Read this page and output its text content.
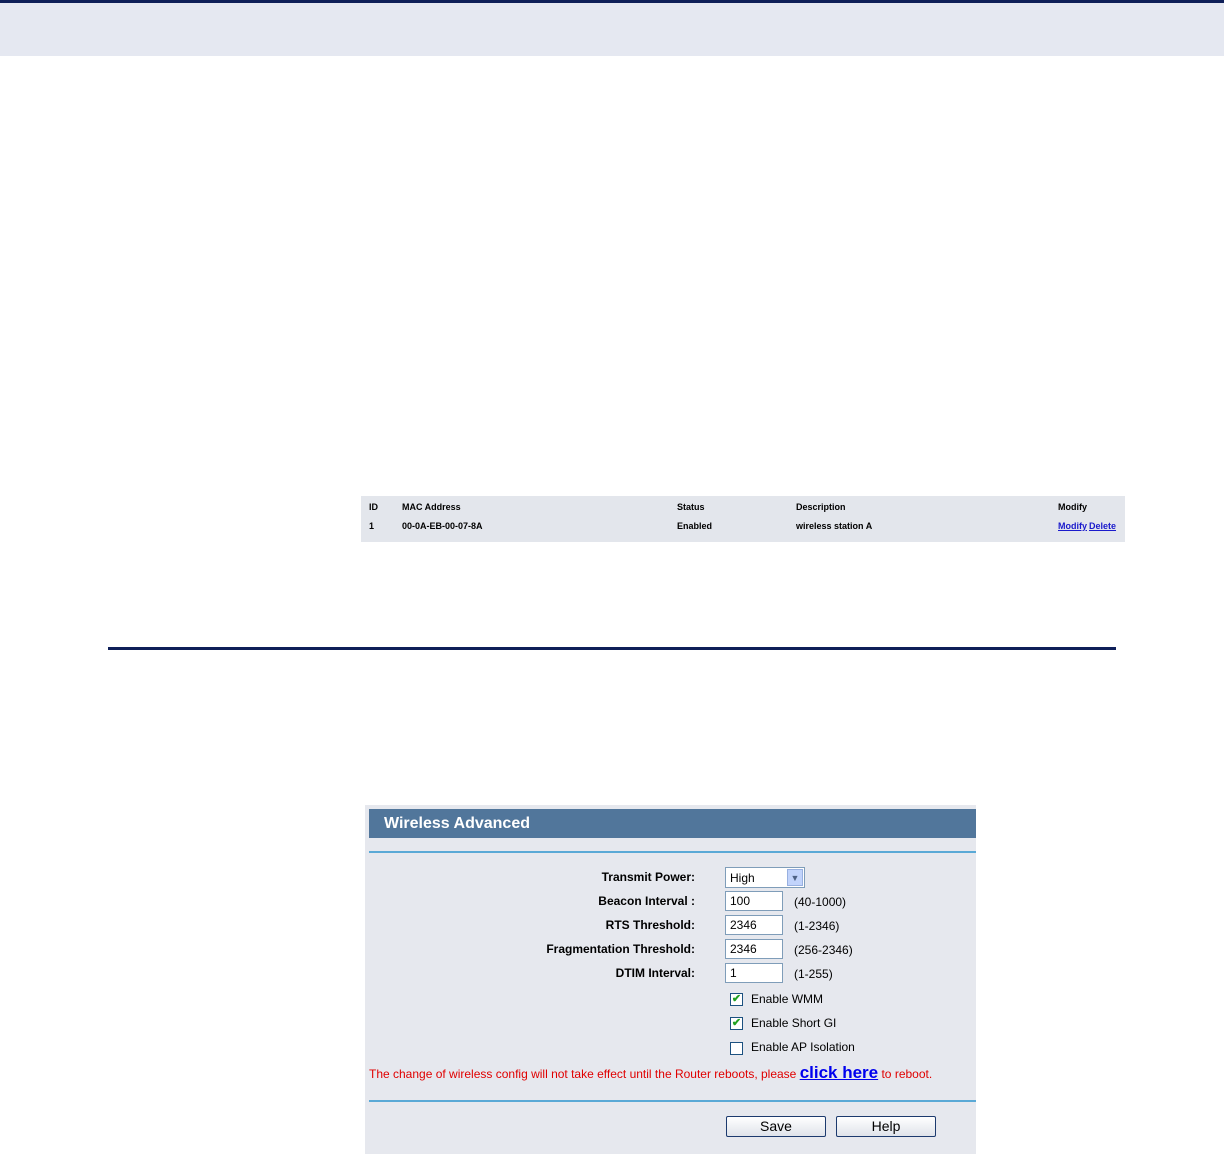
ID	MAC Address	Status	Description	Modify
1	00-0A-EB-00-07-8A	Enabled	wireless station A	Modify Delete
Wireless Advanced
Transmit Power:	High	▼
Beacon Interval :
100	(40-1000)
RTS Threshold:
2346	(1-2346)
Fragmentation Threshold:
2346	(256-2346)
DTIM Interval:
1	(1-255)
✔ Enable WMM
✔ Enable Short GI
Enable AP Isolation
The change of wireless config will not take effect until the Router reboots, please click here to reboot.
Save	Help
